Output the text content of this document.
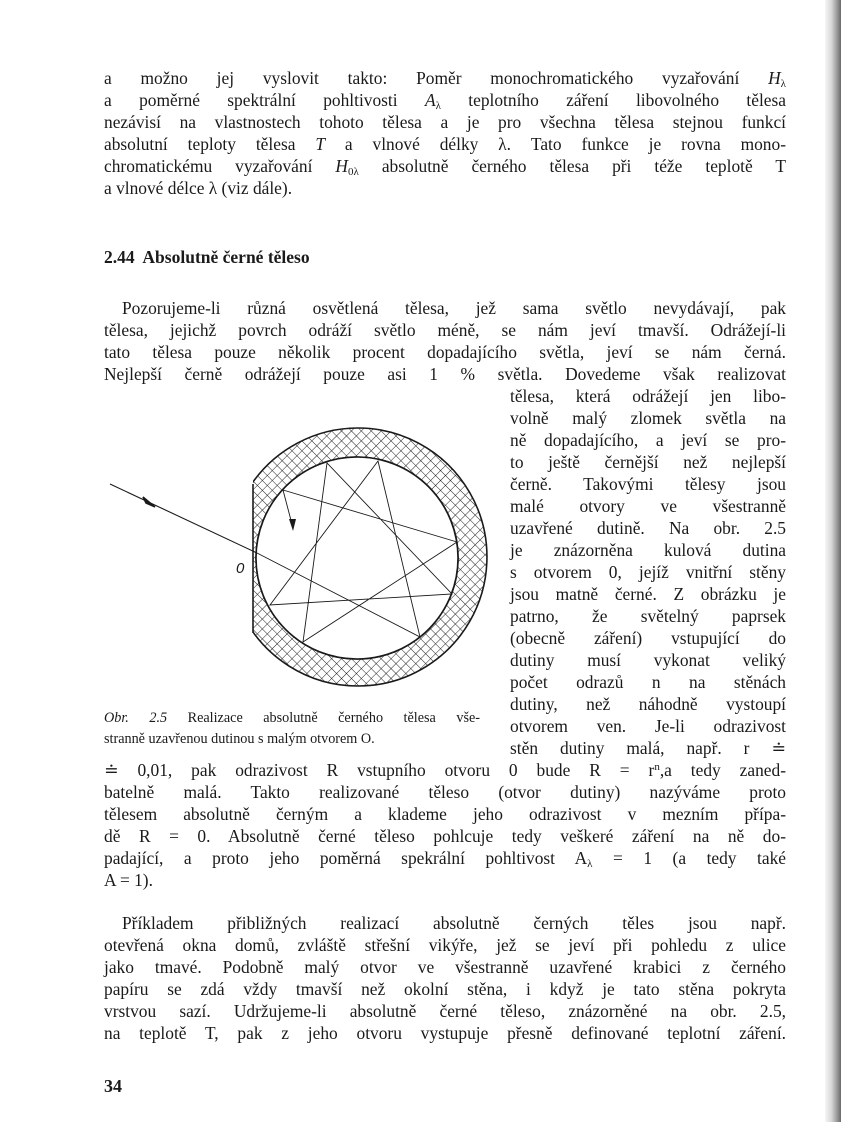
a možno jej vyslovit takto: Poměr monochromatického vyzařování $H_\lambda$
a poměrné spektrální pohltivosti $A_\lambda$ teplotního záření libovolného tělesa
nezávisí na vlastnostech tohoto tělesa a je pro všechna tělesa stejnou funkcí
absolutní teploty tělesa T a vlnové délky λ. Tato funkce je rovna mono-
chromatickému vyzařování $H_{0\lambda}$ absolutně černého tělesa při téže teplotě T
a vlnové délce λ (viz dále).
2.44 Absolutně černé těleso
Pozorujeme-li různá osvětlená tělesa, jež sama světlo nevydávají, pak
tělesa, jejichž povrch odráží světlo méně, se nám jeví tmavší. Odrážejí-li
tato tělesa pouze několik procent dopadajícího světla, jeví se nám černá.
Nejlepší černě odrážejí pouze asi 1 % světla. Dovedeme však realizovat
tělesa, která odrážejí jen libo-
volně malý zlomek světla na
ně dopadajícího, a jeví se pro-
to ještě černější než nejlepší
černě. Takovými tělesy jsou
malé otvory ve všestranně
uzavřené dutině. Na obr. 2.5
je znázorněna kulová dutina
s otvorem 0, jejíž vnitřní stěny
jsou matně černé. Z obrázku je
patrno, že světelný paprsek
(obecně záření) vstupující do
dutiny musí vykonat veliký
počet odrazů n na stěnách
dutiny, než náhodně vystoupí
otvorem ven. Je-li odrazivost
stěn dutiny malá, např. r ≐
≐ 0,01, pak odrazivost R vstupního otvoru 0 bude $R = r^n,a$ tedy zaned-
batelně malá. Takto realizované těleso (otvor dutiny) nazýváme proto
tělesem absolutně černým a klademe jeho odrazivost v mezním přípa-
dě R = 0. Absolutně černé těleso pohlcuje tedy veškeré záření na ně do-
padající, a proto jeho poměrná spekrální pohltivost $A_\lambda = 1$ (a tedy také
A = 1).
Příkladem přibližných realizací absolutně černých těles jsou např.
otevřená okna domů, zvláště střešní vikýře, jež se jeví při pohledu z ulice
jako tmavé. Podobně malý otvor ve všestranně uzavřené krabici z černého
papíru se zdá vždy tmavší než okolní stěna, i když je tato stěna pokryta
vrstvou sazí. Udržujeme-li absolutně černé těleso, znázorněné na obr. 2.5,
na teplotě T, pak z jeho otvoru vystupuje přesně definované teplotní záření.
0
Obr. 2.5 Realizace absolutně černého tělesa vše-
stranně uzavřenou dutinou s malým otvorem O.
34
